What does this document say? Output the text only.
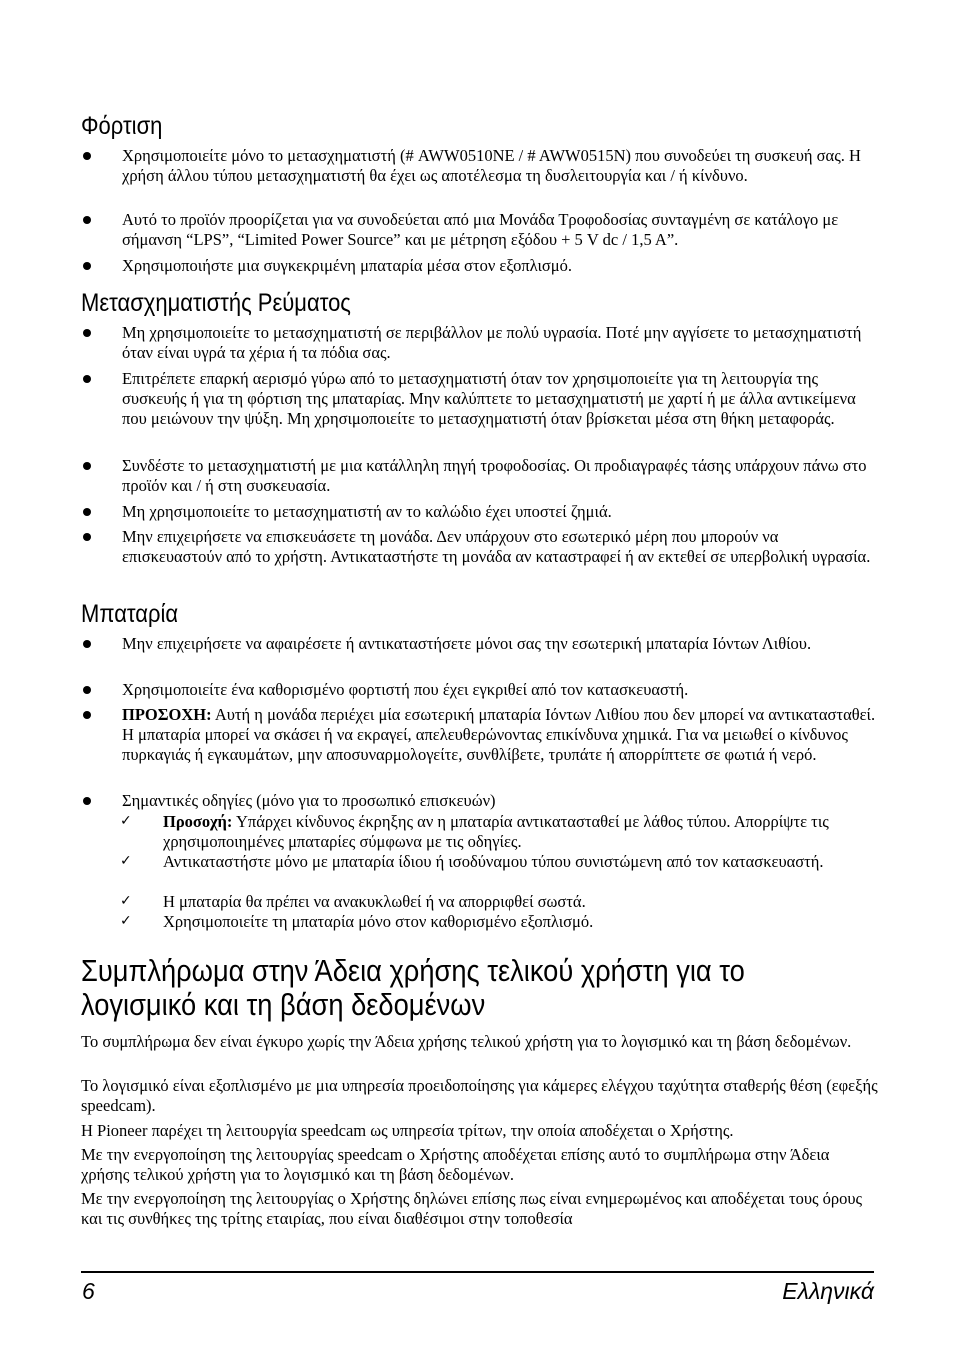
Φόρτιση
Χρησιμοποιείτε μόνο το μετασχηματιστή (# AWW0510NE / # AWW0515N) που συνοδεύει τη συσκευή σας. Η χρήση άλλου τύπου μετασχηματιστή θα έχει ως αποτέλεσμα τη δυσλειτουργία και / ή κίνδυνο.
Αυτό το προϊόν προορίζεται για να συνοδεύεται από μια Μονάδα Τροφοδοσίας συνταγμένη σε κατάλογο με σήμανση “LPS”, “Limited Power Source” και με μέτρηση εξόδου + 5 V dc / 1,5 A”.
Χρησιμοποιήστε μια συγκεκριμένη μπαταρία μέσα στον εξοπλισμό.
Μετασχηματιστής Ρεύματος
Μη χρησιμοποιείτε το μετασχηματιστή σε περιβάλλον με πολύ υγρασία. Ποτέ μην αγγίσετε το μετασχηματιστή όταν είναι υγρά τα χέρια ή τα πόδια σας.
Επιτρέπετε επαρκή αερισμό γύρω από το μετασχηματιστή όταν τον χρησιμοποιείτε για τη λειτουργία της συσκευής ή για τη φόρτιση της μπαταρίας. Μην καλύπτετε το μετασχηματιστή με χαρτί ή με άλλα αντικείμενα που μειώνουν την ψύξη. Μη χρησιμοποιείτε το μετασχηματιστή όταν βρίσκεται μέσα στη θήκη μεταφοράς.
Συνδέστε το μετασχηματιστή με μια κατάλληλη πηγή τροφοδοσίας. Οι προδιαγραφές τάσης υπάρχουν πάνω στο προϊόν και / ή στη συσκευασία.
Μη χρησιμοποιείτε το μετασχηματιστή αν το καλώδιο έχει υποστεί ζημιά.
Μην επιχειρήσετε να επισκευάσετε τη μονάδα. Δεν υπάρχουν στο εσωτερικό μέρη που μπορούν να επισκευαστούν από το χρήστη. Αντικαταστήστε τη μονάδα αν καταστραφεί ή αν εκτεθεί σε υπερβολική υγρασία.
Μπαταρία
Μην επιχειρήσετε να αφαιρέσετε ή αντικαταστήσετε μόνοι σας την εσωτερική μπαταρία Ιόντων Λιθίου.
Χρησιμοποιείτε ένα καθορισμένο φορτιστή που έχει εγκριθεί από τον κατασκευαστή.
ΠΡΟΣΟΧΗ: Αυτή η μονάδα περιέχει μία εσωτερική μπαταρία Ιόντων Λιθίου που δεν μπορεί να αντικατασταθεί. Η μπαταρία μπορεί να σκάσει ή να εκραγεί, απελευθερώνοντας επικίνδυνα χημικά. Για να μειωθεί ο κίνδυνος πυρκαγιάς ή εγκαυμάτων, μην αποσυναρμολογείτε, συνθλίβετε, τρυπάτε ή απορρίπτετε σε φωτιά ή νερό.
Σημαντικές οδηγίες (μόνο για το προσωπικό επισκευών)
✓ Προσοχή: Υπάρχει κίνδυνος έκρηξης αν η μπαταρία αντικατασταθεί με λάθος τύπου. Απορρίψτε τις χρησιμοποιημένες μπαταρίες σύμφωνα με τις οδηγίες.
✓ Αντικαταστήστε μόνο με μπαταρία ίδιου ή ισοδύναμου τύπου συνιστώμενη από τον κατασκευαστή.
✓ Η μπαταρία θα πρέπει να ανακυκλωθεί ή να απορριφθεί σωστά.
✓ Χρησιμοποιείτε τη μπαταρία μόνο στον καθορισμένο εξοπλισμό.
Συμπλήρωμα στην Άδεια χρήσης τελικού χρήστη για το λογισμικό και τη βάση δεδομένων
Το συμπλήρωμα δεν είναι έγκυρο χωρίς την Άδεια χρήσης τελικού χρήστη για το λογισμικό και τη βάση δεδομένων.
Το λογισμικό είναι εξοπλισμένο με μια υπηρεσία προειδοποίησης για κάμερες ελέγχου ταχύτητα σταθερής θέση (εφεξής speedcam).
Η Pioneer παρέχει τη λειτουργία speedcam ως υπηρεσία τρίτων, την οποία αποδέχεται ο Χρήστης.
Με την ενεργοποίηση της λειτουργίας speedcam ο Χρήστης αποδέχεται επίσης αυτό το συμπλήρωμα στην Άδεια χρήσης τελικού χρήστη για το λογισμικό και τη βάση δεδομένων.
Με την ενεργοποίηση της λειτουργίας ο Χρήστης δηλώνει επίσης πως είναι ενημερωμένος και αποδέχεται τους όρους και τις συνθήκες της τρίτης εταιρίας, που είναι διαθέσιμοι στην τοποθεσία
6	Ελληνικά
